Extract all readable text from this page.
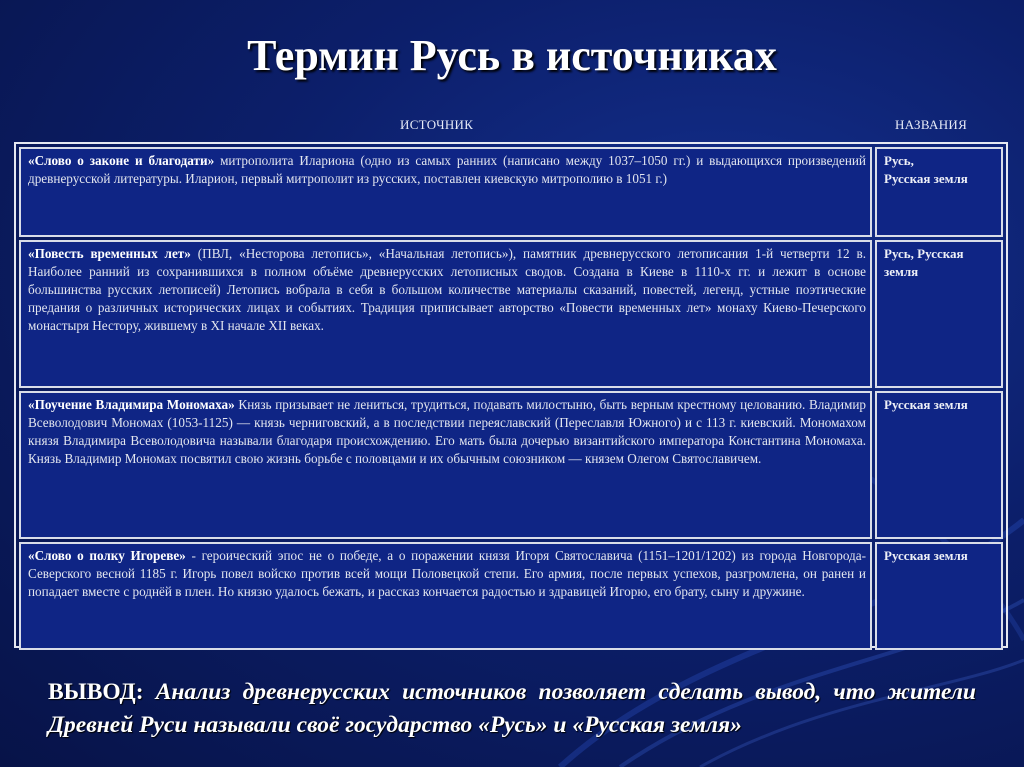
Термин Русь в источниках
ИСТОЧНИК	НАЗВАНИЯ
«Слово о законе и благодати» митрополита Илариона (одно из самых ранних (написано между 1037–1050 гг.) и выдающихся произведений древнерусской литературы. Иларион, первый митрополит из русских, поставлен киевскую митрополию в 1051 г.)	Русь,
Русская земля
«Повесть временных лет» (ПВЛ, «Несторова летопись», «Начальная летопись»), памятник древнерусского летописания 1-й четверти 12 в. Наиболее ранний из сохранившихся в полном объёме древнерусских летописных сводов. Создана в Киеве в 1110-х гг. и лежит в основе большинства русских летописей) Летопись вобрала в себя в большом количестве материалы сказаний, повестей, легенд, устные поэтические предания о различных исторических лицах и событиях. Традиция приписывает авторство «Повести временных лет» монаху Киево-Печерского монастыря Нестору, жившему в XI начале XII веках.	Русь, Русская земля
«Поучение Владимира Мономаха» Князь призывает не лениться, трудиться, подавать милостыню, быть верным крестному целованию. Владимир Всеволодович Мономах (1053-1125) — князь черниговский, а в последствии переяславский (Переславля Южного) и с 113 г. киевский. Мономахом князя Владимира Всеволодовича называли благодаря происхождению. Его мать была дочерью византийского императора Константина Мономаха. Князь Владимир Мономах посвятил свою жизнь борьбе с половцами и их обычным союзником — князем Олегом Святославичем.	Русская земля
«Слово о полку Игореве» - героический эпос не о победе, а о поражении князя Игоря Святославича (1151–1201/1202) из города Новгорода-Северского весной 1185 г. Игорь повел войско против всей мощи Половецкой степи. Его армия, после первых успехов, разгромлена, он ранен и попадает вместе с роднёй в плен. Но князю удалось бежать, и рассказ кончается радостью и здравицей Игорю, его брату, сыну и дружине.	Русская земля
ВЫВОД: Анализ древнерусских источников позволяет сделать вывод, что жители Древней Руси называли своё государство «Русь» и «Русская земля»
